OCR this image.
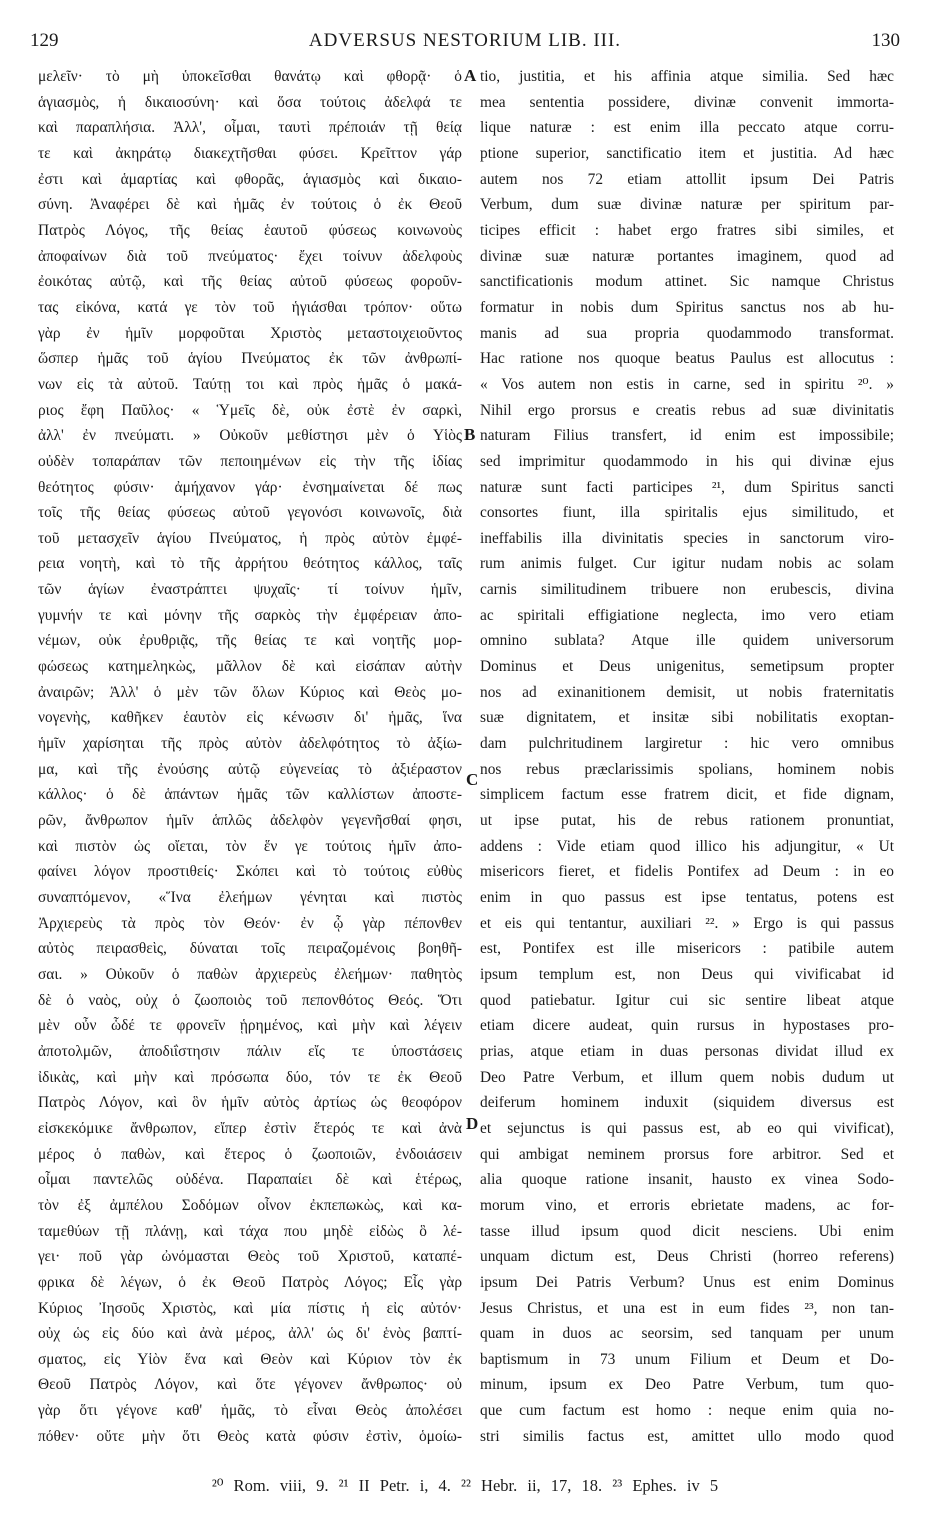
129	ADVERSUS NESTORIUM LIB. III.	130
μελεῖν· τὸ μὴ ὑποκεῖσθαι θανάτῳ καὶ φθορᾷ· ὁ
ἁγιασμὸς, ἡ δικαιοσύνη· καὶ ὅσα τούτοις ἀδελφά τε
καὶ παραπλήσια. Ἀλλ', οἶμαι, ταυτὶ πρέποιάν τῇ θείᾳ
τε καὶ ἀκηράτῳ διακεχτῆσθαι φύσει. Κρεῖττον γάρ
ἐστι καὶ ἁμαρτίας καὶ φθορᾶς, ἁγιασμὸς καὶ δικαιο-
σύνη. Ἀναφέρει δὲ καὶ ἡμᾶς ἐν τούτοις ὁ ἐκ Θεοῦ
Πατρὸς Λόγος, τῆς θείας ἑαυτοῦ φύσεως κοινωνοὺς
ἀποφαίνων διὰ τοῦ πνεύματος· ἔχει τοίνυν ἀδελφοὺς
ἐοικότας αὐτῷ, καὶ τῆς θείας αὐτοῦ φύσεως φοροῦν-
τας εἰκόνα, κατά γε τὸν τοῦ ἡγιάσθαι τρόπον· οὕτω
γὰρ ἐν ἡμῖν μορφοῦται Χριστὸς μεταστοιχειοῦντος
ὥσπερ ἡμᾶς τοῦ ἁγίου Πνεύματος ἐκ τῶν ἀνθρωπί-
νων εἰς τὰ αὐτοῦ. Ταύτῃ τοι καὶ πρὸς ἡμᾶς ὁ μακά-
ριος ἔφη Παῦλος· « Ὑμεῖς δὲ, οὐκ ἐστὲ ἐν σαρκὶ,
ἀλλ' ἐν πνεύματι. » Οὐκοῦν μεθίστησι μὲν ὁ Υἱὸς
οὐδὲν τοπαράπαν τῶν πεποιημένων εἰς τὴν τῆς ἰδίας
θεότητος φύσιν· ἀμήχανον γάρ· ἐνσημαίνεται δέ πως
τοῖς τῆς θείας φύσεως αὐτοῦ γεγονόσι κοινωνοῖς, διὰ
τοῦ μετασχεῖν ἁγίου Πνεύματος, ἡ πρὸς αὐτὸν ἐμφέ-
ρεια νοητὴ, καὶ τὸ τῆς ἀρρήτου θεότητος κάλλος, ταῖς
τῶν ἁγίων ἐναστράπτει ψυχαῖς· τί τοίνυν ἡμῖν,
γυμνήν τε καὶ μόνην τῆς σαρκὸς τὴν ἐμφέρειαν ἀπο-
νέμων, οὐκ ἐρυθριᾷς, τῆς θείας τε καὶ νοητῆς μορ-
φώσεως κατημεληκὼς, μᾶλλον δὲ καὶ εἰσάπαν αὐτὴν
ἀναιρῶν; Ἀλλ' ὁ μὲν τῶν ὅλων Κύριος καὶ Θεὸς μο-
νογενὴς, καθῆκεν ἑαυτὸν εἰς κένωσιν δι' ἡμᾶς, ἵνα
ἡμῖν χαρίσηται τῆς πρὸς αὐτὸν ἀδελφότητος τὸ ἀξίω-
μα, καὶ τῆς ἐνούσης αὐτῷ εὐγενείας τὸ ἀξιέραστον
κάλλος· ὁ δὲ ἁπάντων ἡμᾶς τῶν καλλίστων ἀποστε-
ρῶν, ἄνθρωπον ἡμῖν ἁπλῶς ἀδελφὸν γεγενῆσθαί φησι,
καὶ πιστὸν ὡς οἴεται, τὸν ἕν γε τούτοις ἡμῖν ἀπο-
φαίνει λόγον προστιθείς· Σκόπει καὶ τὸ τούτοις εὐθὺς
συναπτόμενον, «Ἵνα ἐλεήμων γένηται καὶ πιστὸς
Ἀρχιερεὺς τὰ πρὸς τὸν Θεόν· ἐν ᾧ γὰρ πέπονθεν
αὐτὸς πειρασθεὶς, δύναται τοῖς πειραζομένοις βοηθῆ-
σαι. » Οὐκοῦν ὁ παθὼν ἀρχιερεὺς ἐλεήμων· παθητὸς
δὲ ὁ ναὸς, οὐχ ὁ ζωοποιὸς τοῦ πεπονθότος Θεός. Ὅτι
μὲν οὖν ὧδέ τε φρονεῖν ᾑρημένος, καὶ μὴν καὶ λέγειν
ἀποτολμῶν, ἀποδιΐστησιν πάλιν εἴς τε ὑποστάσεις
ἰδικὰς, καὶ μὴν καὶ πρόσωπα δύο, τόν τε ἐκ Θεοῦ
Πατρὸς Λόγον, καὶ ὃν ἡμῖν αὐτὸς ἀρτίως ὡς θεοφόρον
εἰσκεκόμικε ἄνθρωπον, εἴπερ ἐστὶν ἕτερός τε καὶ ἀνὰ
μέρος ὁ παθὼν, καὶ ἕτερος ὁ ζωοποιῶν, ἐνδοιάσειν
οἶμαι παντελῶς οὐδένα. Παραπαίει δὲ καὶ ἑτέρως,
τὸν ἐξ ἀμπέλου Σοδόμων οἶνον ἐκπεπωκὼς, καὶ κα-
ταμεθύων τῇ πλάνῃ, καὶ τάχα που μηδὲ εἰδὼς ὃ λέ-
γει· ποῦ γὰρ ὠνόμασται Θεὸς τοῦ Χριστοῦ, καταπέ-
φρικα δὲ λέγων, ὁ ἐκ Θεοῦ Πατρὸς Λόγος; Εἷς γὰρ
Κύριος Ἰησοῦς Χριστὸς, καὶ μία πίστις ἡ εἰς αὐτόν·
οὐχ ὡς εἰς δύο καὶ ἀνὰ μέρος, ἀλλ' ὡς δι' ἑνὸς βαπτί-
σματος, εἰς Υἱὸν ἕνα καὶ Θεὸν καὶ Κύριον τὸν ἐκ
Θεοῦ Πατρὸς Λόγον, καὶ ὅτε γέγονεν ἄνθρωπος· οὐ
γὰρ ὅτι γέγονε καθ' ἡμᾶς, τὸ εἶναι Θεὸς ἀπολέσει
πόθεν· οὔτε μὴν ὅτι Θεὸς κατὰ φύσιν ἐστὶν, ὁμοίω-
A
B
C
D
tio, justitia, et his affinia atque similia. Sed hæc
mea sententia possidere, divinæ convenit immorta-
lique naturæ : est enim illa peccato atque corru-
ptione superior, sanctificatio item et justitia. Ad hæc
autem nos 72 etiam attollit ipsum Dei Patris
Verbum, dum suæ divinæ naturæ per spiritum par-
ticipes efficit : habet ergo fratres sibi similes, et
divinæ suæ naturæ portantes imaginem, quod ad
sanctificationis modum attinet. Sic namque Christus
formatur in nobis dum Spiritus sanctus nos ab hu-
manis ad sua propria quodammodo transformat.
Hac ratione nos quoque beatus Paulus est allocutus :
« Vos autem non estis in carne, sed in spiritu ²⁰. »
Nihil ergo prorsus e creatis rebus ad suæ divinitatis
naturam Filius transfert, id enim est impossibile;
sed imprimitur quodammodo in his qui divinæ ejus
naturæ sunt facti participes ²¹, dum Spiritus sancti
consortes fiunt, illa spiritalis ejus similitudo, et
ineffabilis illa divinitatis species in sanctorum viro-
rum animis fulget. Cur igitur nudam nobis ac solam
carnis similitudinem tribuere non erubescis, divina
ac spiritali effigiatione neglecta, imo vero etiam
omnino sublata? Atque ille quidem universorum
Dominus et Deus unigenitus, semetipsum propter
nos ad exinanitionem demisit, ut nobis fraternitatis
suæ dignitatem, et insitæ sibi nobilitatis exoptan-
dam pulchritudinem largiretur : hic vero omnibus
nos rebus præclarissimis spolians, hominem nobis
simplicem factum esse fratrem dicit, et fide dignam,
ut ipse putat, his de rebus rationem pronuntiat,
addens : Vide etiam quod illico his adjungitur, « Ut
misericors fieret, et fidelis Pontifex ad Deum : in eo
enim in quo passus est ipse tentatus, potens est
et eis qui tentantur, auxiliari ²². » Ergo is qui passus
est, Pontifex est ille misericors : patibile autem
ipsum templum est, non Deus qui vivificabat id
quod patiebatur. Igitur cui sic sentire libeat atque
etiam dicere audeat, quin rursus in hypostases pro-
prias, atque etiam in duas personas dividat illud ex
Deo Patre Verbum, et illum quem nobis dudum ut
deiferum hominem induxit (siquidem diversus est
et sejunctus is qui passus est, ab eo qui vivificat),
qui ambigat neminem prorsus fore arbitror. Sed et
alia quoque ratione insanit, hausto ex vinea Sodo-
morum vino, et erroris ebrietate madens, ac for-
tasse illud ipsum quod dicit nesciens. Ubi enim
unquam dictum est, Deus Christi (horreo referens)
ipsum Dei Patris Verbum? Unus est enim Dominus
Jesus Christus, et una est in eum fides ²³, non tan-
quam in duos ac seorsim, sed tanquam per unum
baptismum in 73 unum Filium et Deum et Do-
minum, ipsum ex Deo Patre Verbum, tum quo-
que cum factum est homo : neque enim quia no-
stri similis factus est, amittet ullo modo quod
²⁰ Rom. viii, 9. ²¹ II Petr. i, 4. ²² Hebr. ii, 17, 18. ²³ Ephes. iv 5
